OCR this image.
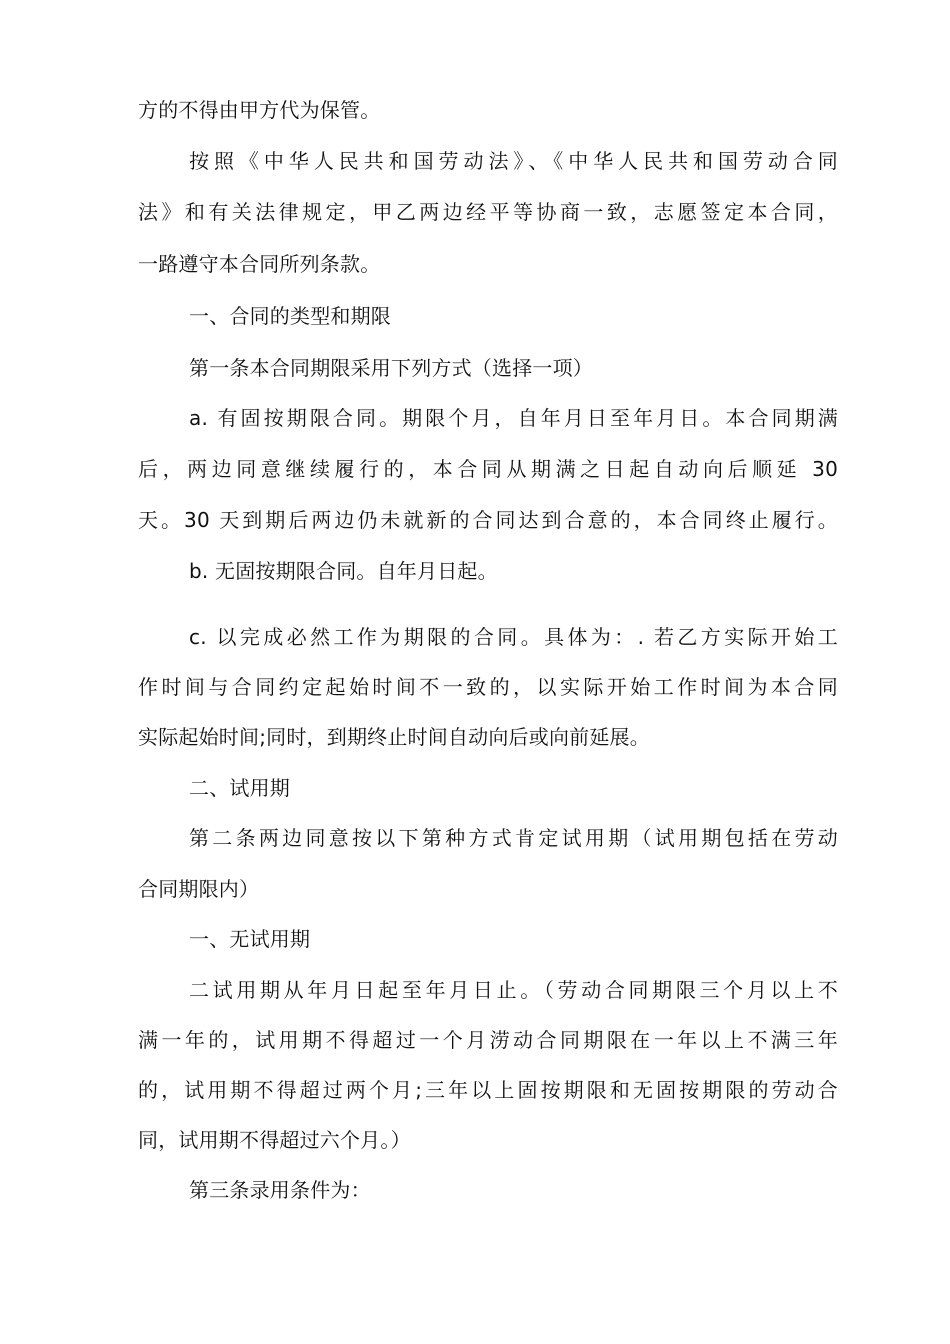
方的不得由甲方代为保管。
按照《中华人民共和国劳动法》、《中华人民共和国劳动合同
法》和有关法律规定，甲乙两边经平等协商一致，志愿签定本合同，
一路遵守本合同所列条款。
一、合同的类型和期限
第一条本合同期限采用下列方式（选择一项）
a. 有固按期限合同。期限个月，自年月日至年月日。本合同期满
后，两边同意继续履行的，本合同从期满之日起自动向后顺延 30
天。30 天到期后两边仍未就新的合同达到合意的，本合同终止履行。
b. 无固按期限合同。自年月日起。
c. 以完成必然工作为期限的合同。具体为：. 若乙方实际开始工
作时间与合同约定起始时间不一致的，以实际开始工作时间为本合同
实际起始时间;同时，到期终止时间自动向后或向前延展。
二、试用期
第二条两边同意按以下第种方式肯定试用期（试用期包括在劳动
合同期限内）
一、无试用期
二试用期从年月日起至年月日止。（劳动合同期限三个月以上不
满一年的，试用期不得超过一个月涝动合同期限在一年以上不满三年
的，试用期不得超过两个月;三年以上固按期限和无固按期限的劳动合
同，试用期不得超过六个月。）
第三条录用条件为：
